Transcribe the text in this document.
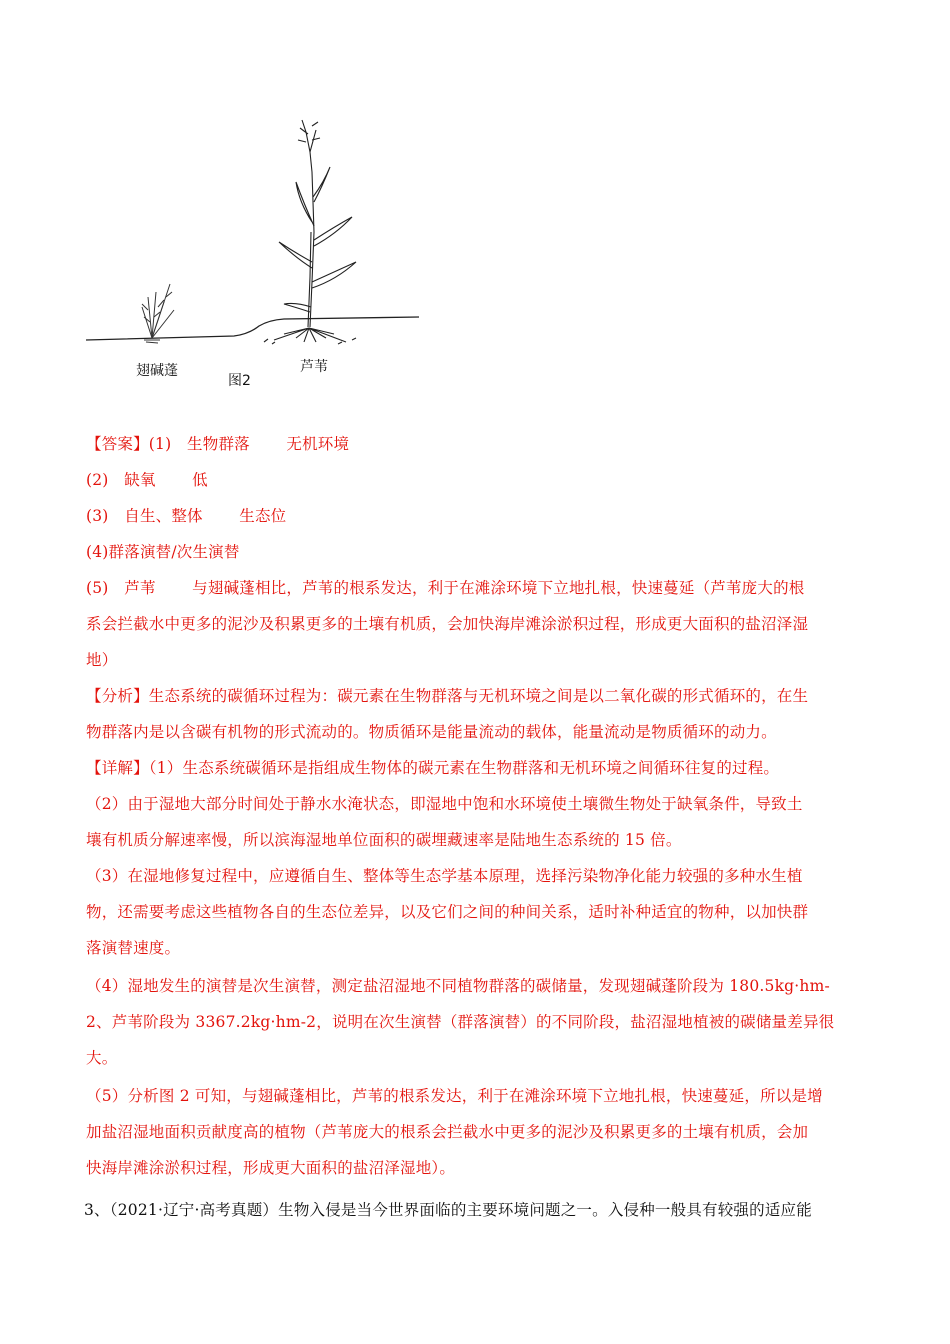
翅碱蓬	芦苇
图2
【答案】(1)　生物群落　　 无机环境
(2)　缺氧　　 低
(3)　自生、整体　　 生态位
(4)群落演替/次生演替
(5)　芦苇　　 与翅碱蓬相比，芦苇的根系发达，利于在滩涂环境下立地扎根，快速蔓延（芦苇庞大的根
系会拦截水中更多的泥沙及积累更多的土壤有机质，会加快海岸滩涂淤积过程，形成更大面积的盐沼泽湿
地）
【分析】生态系统的碳循环过程为：碳元素在生物群落与无机环境之间是以二氧化碳的形式循环的，在生
物群落内是以含碳有机物的形式流动的。物质循环是能量流动的载体，能量流动是物质循环的动力。
【详解】（1）生态系统碳循环是指组成生物体的碳元素在生物群落和无机环境之间循环往复的过程。
（2）由于湿地大部分时间处于静水水淹状态，即湿地中饱和水环境使土壤微生物处于缺氧条件，导致土
壤有机质分解速率慢，所以滨海湿地单位面积的碳埋藏速率是陆地生态系统的 15 倍。
（3）在湿地修复过程中，应遵循自生、整体等生态学基本原理，选择污染物净化能力较强的多种水生植
物，还需要考虑这些植物各自的生态位差异，以及它们之间的种间关系，适时补种适宜的物种，以加快群
落演替速度。
（4）湿地发生的演替是次生演替，测定盐沼湿地不同植物群落的碳储量，发现翅碱蓬阶段为 180.5kg·hm-
2、芦苇阶段为 3367.2kg·hm-2，说明在次生演替（群落演替）的不同阶段，盐沼湿地植被的碳储量差异很
大。
（5）分析图 2 可知，与翅碱蓬相比，芦苇的根系发达，利于在滩涂环境下立地扎根，快速蔓延，所以是增
加盐沼湿地面积贡献度高的植物（芦苇庞大的根系会拦截水中更多的泥沙及积累更多的土壤有机质，会加
快海岸滩涂淤积过程，形成更大面积的盐沼泽湿地）。
3、（2021·辽宁·高考真题）生物入侵是当今世界面临的主要环境问题之一。入侵种一般具有较强的适应能
